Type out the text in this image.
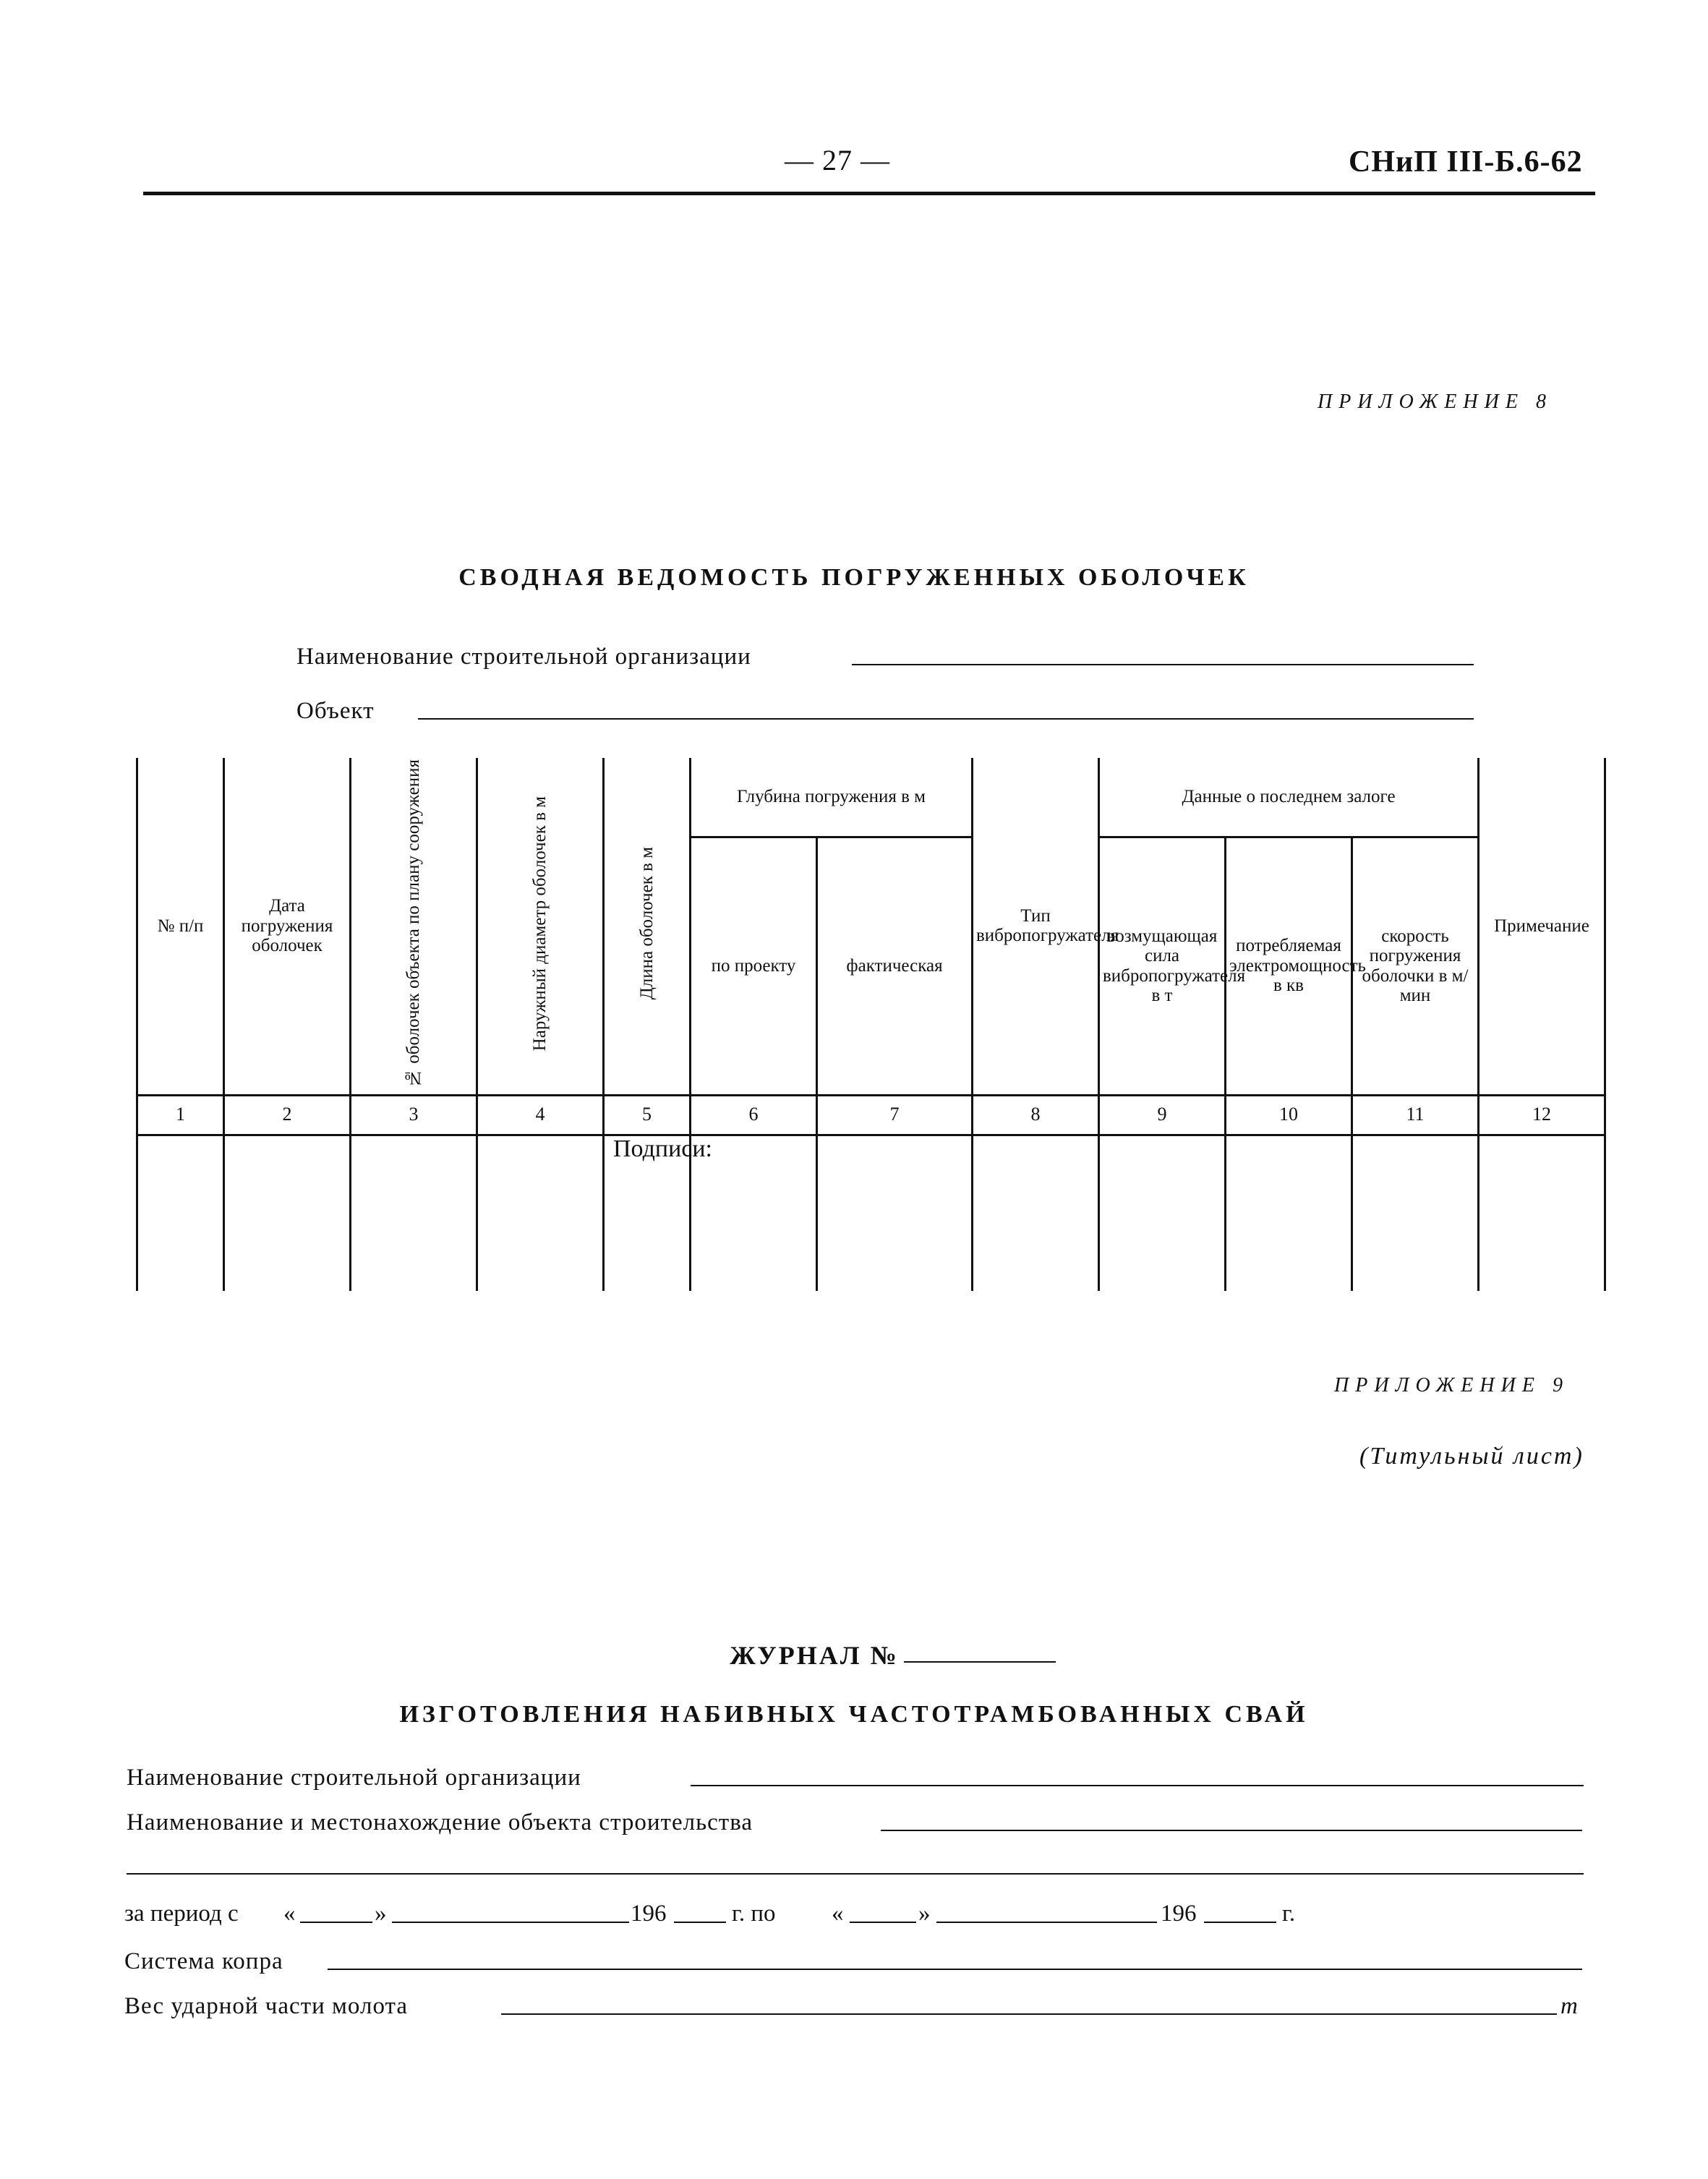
— 27 —	СНиП III-Б.6-62
ПРИЛОЖЕНИЕ 8
СВОДНАЯ ВЕДОМОСТЬ ПОГРУЖЕННЫХ ОБОЛОЧЕК
Наименование строительной организации
Объект
№ п/п	Дата погружения оболочек	№ оболочек объекта по плану сооружения	Наружный диаметр оболочек в м	Длина оболочек в м	Глубина погружения в м		Тип вибропогружателя	Данные о последнем залоге			Примечание
					по проекту	фактическая		возмущающая сила вибропогружателя в т	потребляемая электромощность в кв	скорость погружения оболочки в м/мин	
1	2	3	4	5	6	7	8	9	10	11	12

Подписи:
ПРИЛОЖЕНИЕ 9
(Титульный лист)
ЖУРНАЛ №
ИЗГОТОВЛЕНИЯ НАБИВНЫХ ЧАСТОТРАМБОВАННЫХ СВАЙ
Наименование строительной организации
Наименование и местонахождение объекта строительства
за период с «	»	196	г. по «	»	196	г.
Система копра
Вес ударной части молота	т
